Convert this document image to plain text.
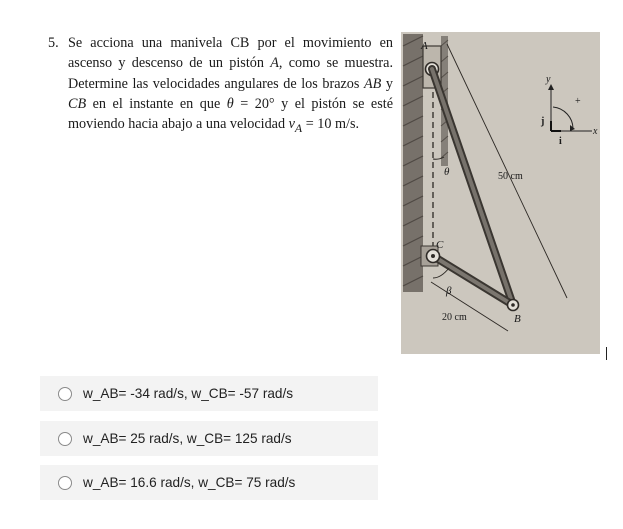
5. Se acciona una manivela CB por el movimiento en ascenso y descenso de un pistón A, como se muestra. Determine las velocidades angulares de los brazos AB y CB en el instante en que θ = 20° y el pistón se esté moviendo hacia abajo a una velocidad $v_A = 10$ m/s.
A
C
B
θ
β
50 cm
20 cm
y
x
+
i
j
w_AB= -34 rad/s, w_CB= -57 rad/s
w_AB= 25 rad/s, w_CB= 125 rad/s
w_AB= 16.6 rad/s, w_CB= 75 rad/s
